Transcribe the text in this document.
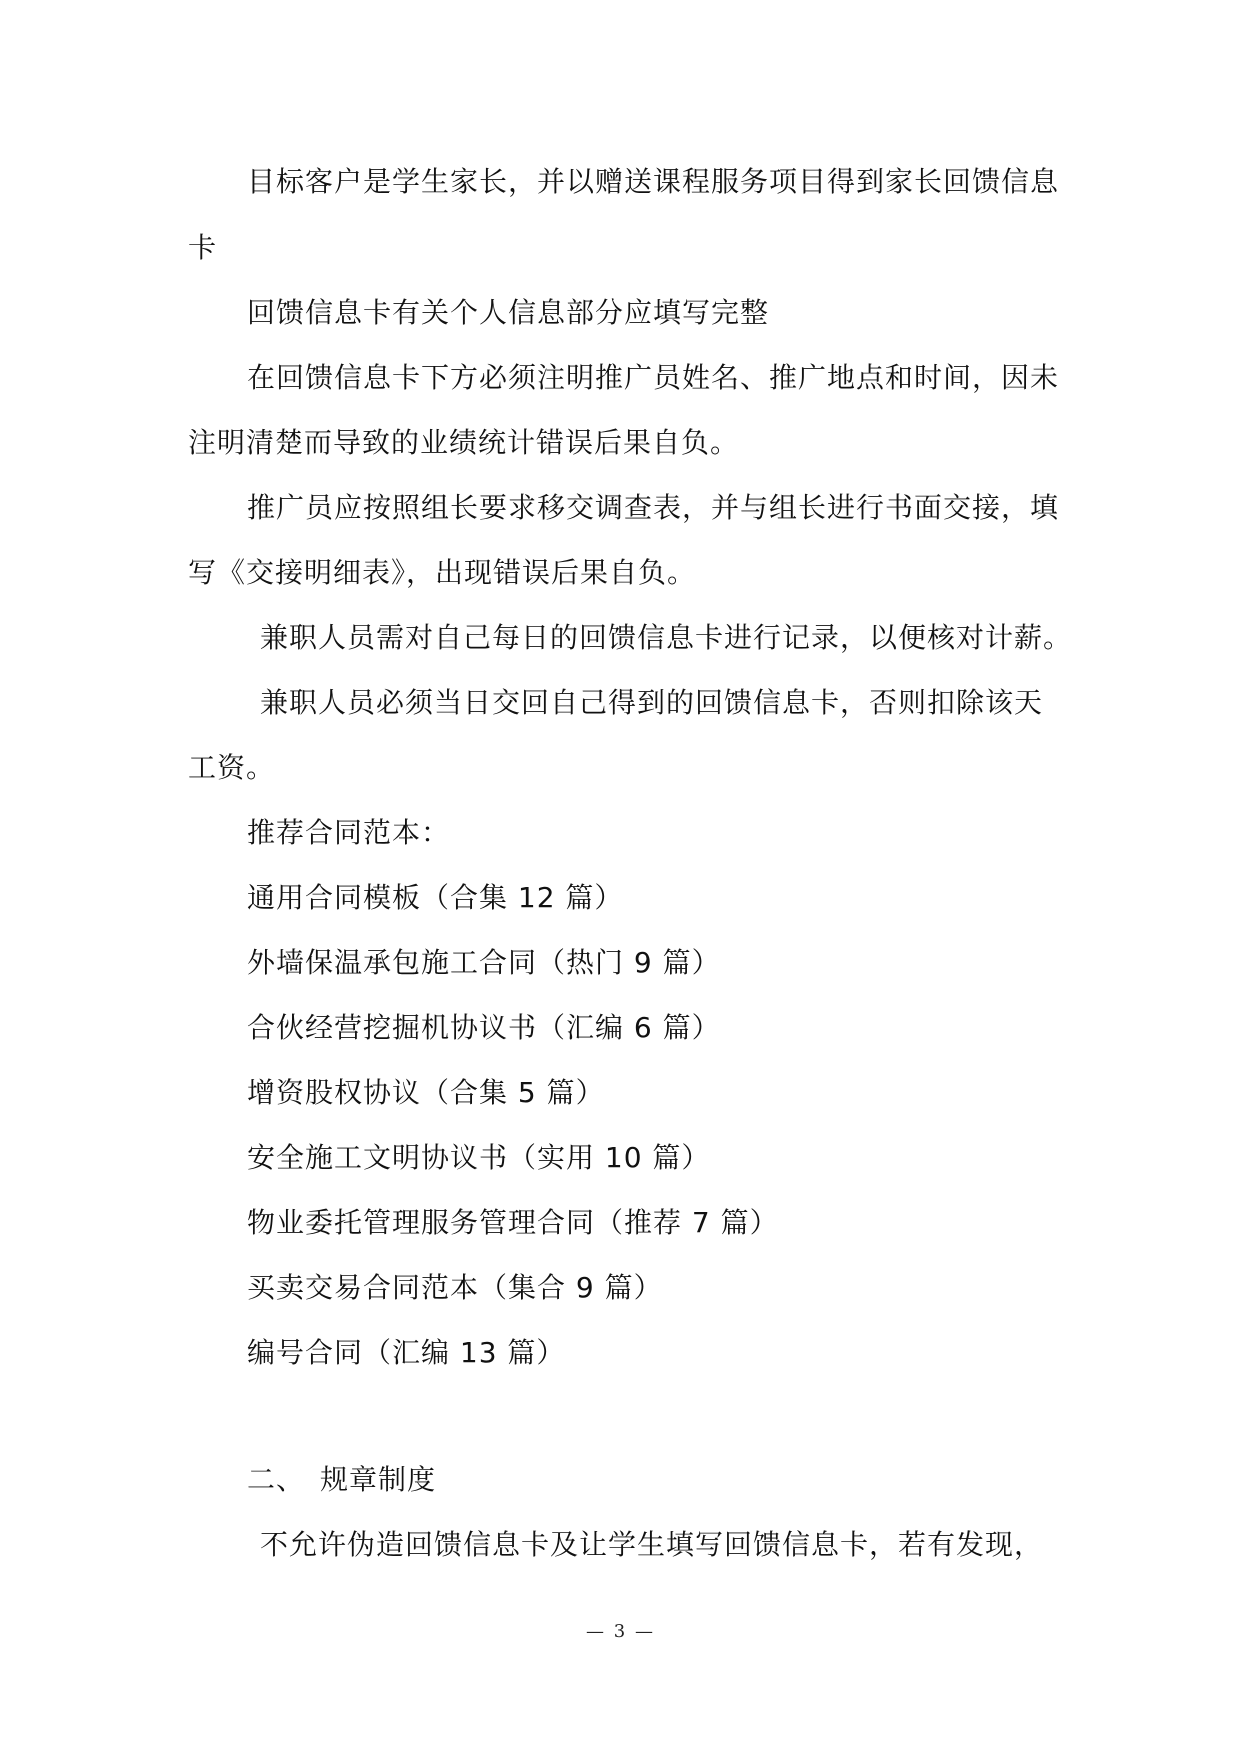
目标客户是学生家长，并以赠送课程服务项目得到家长回馈信息
卡
回馈信息卡有关个人信息部分应填写完整
在回馈信息卡下方必须注明推广员姓名、推广地点和时间，因未
注明清楚而导致的业绩统计错误后果自负。
推广员应按照组长要求移交调查表，并与组长进行书面交接，填
写《交接明细表》，出现错误后果自负。
兼职人员需对自己每日的回馈信息卡进行记录，以便核对计薪。
兼职人员必须当日交回自己得到的回馈信息卡，否则扣除该天
工资。
推荐合同范本：
通用合同模板（合集 12 篇）
外墙保温承包施工合同（热门 9 篇）
合伙经营挖掘机协议书（汇编 6 篇）
增资股权协议（合集 5 篇）
安全施工文明协议书（实用 10 篇）
物业委托管理服务管理合同（推荐 7 篇）
买卖交易合同范本（集合 9 篇）
编号合同（汇编 13 篇）
二、 规章制度
不允许伪造回馈信息卡及让学生填写回馈信息卡，若有发现，
— 3 —
